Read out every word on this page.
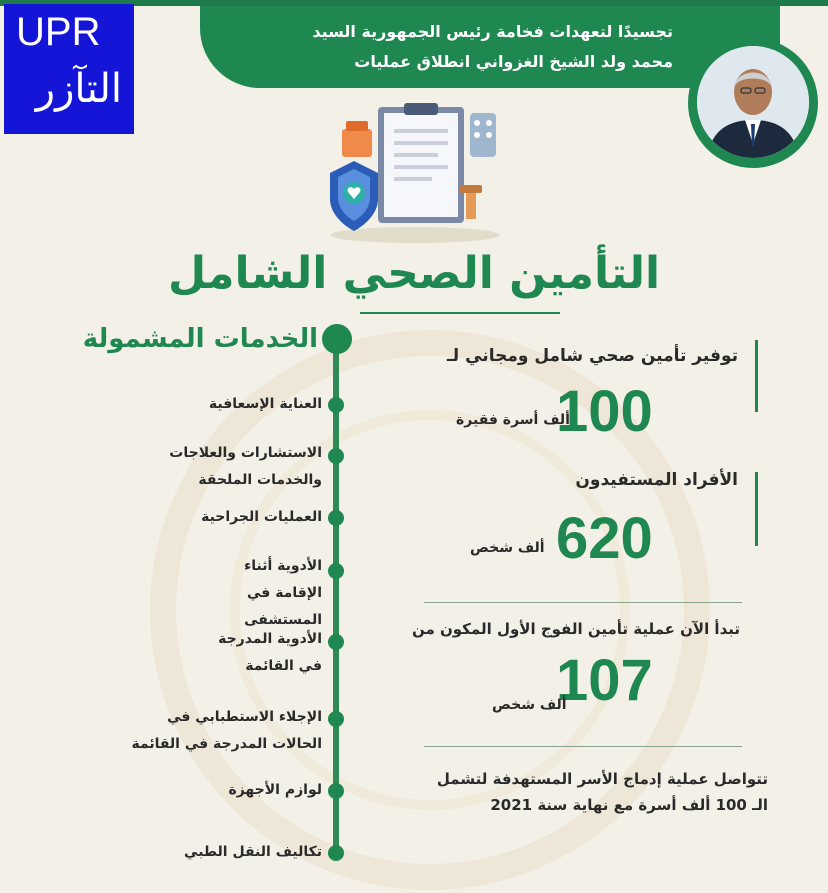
تجسيدًا لتعهدات فخامة رئيس الجمهورية السيد
محمد ولد الشيخ الغزواني انطلاق عمليات
UPR
التآزر
التأمين الصحي الشامل
الخدمات المشمولة
العناية الإسعافية
الاستشارات والعلاجات والخدمات الملحقة
العمليات الجراحية
الأدوية أثناء الإقامة في المستشفى
الأدوية المدرجة في القائمة
الإجلاء الاستطبابي في الحالات المدرجة في القائمة
لوازم الأجهزة
تكاليف النقل الطبي
توفير تأمين صحي شامل ومجاني لـ
100
ألف أسرة فقيرة
الأفراد المستفيدون
620
ألف شخص
تبدأ الآن عملية تأمين الفوج الأول المكون من
107
ألف شخص
تتواصل عملية إدماج الأسر المستهدفة لتشمل
الـ 100 ألف أسرة مع نهاية سنة 2021
